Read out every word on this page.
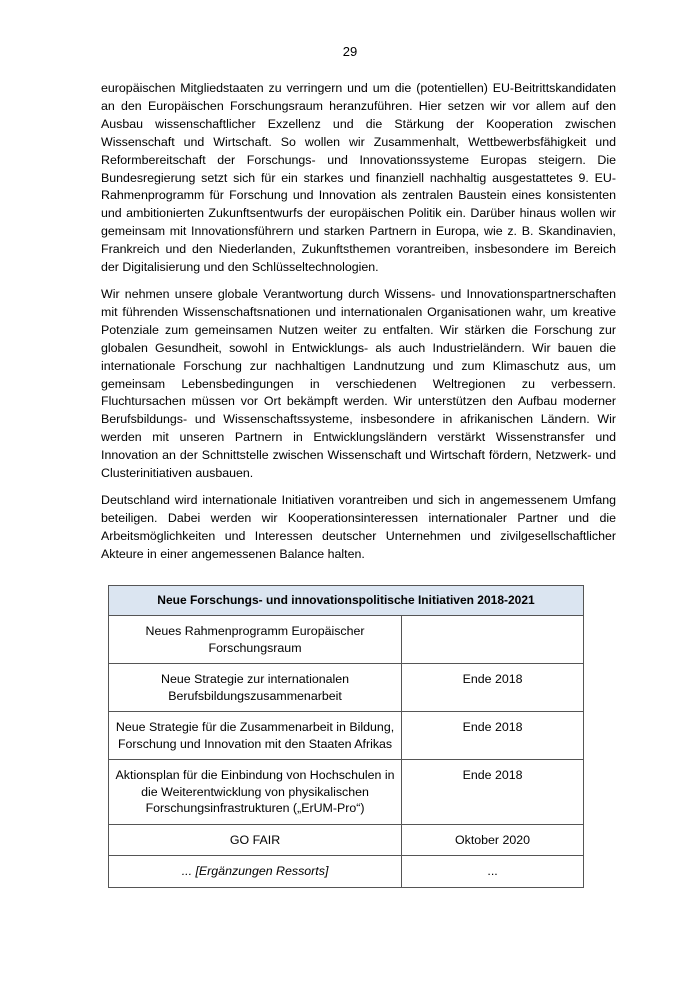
29

europäischen Mitgliedstaaten zu verringern und um die (potentiellen) EU-Beitrittskandidaten an den Europäischen Forschungsraum heranzuführen. Hier setzen wir vor allem auf den Ausbau wissenschaftlicher Exzellenz und die Stärkung der Kooperation zwischen Wissenschaft und Wirtschaft. So wollen wir Zusammenhalt, Wettbewerbsfähigkeit und Reformbereitschaft der Forschungs- und Innovationssysteme Europas steigern. Die Bundesregierung setzt sich für ein starkes und finanziell nachhaltig ausgestattetes 9. EU-Rahmenprogramm für Forschung und Innovation als zentralen Baustein eines konsistenten und ambitionierten Zukunftsentwurfs der europäischen Politik ein. Darüber hinaus wollen wir gemeinsam mit Innovationsführern und starken Partnern in Europa, wie z. B. Skandinavien, Frankreich und den Niederlanden, Zukunftsthemen vorantreiben, insbesondere im Bereich der Digitalisierung und den Schlüsseltechnologien.

Wir nehmen unsere globale Verantwortung durch Wissens- und Innovationspartnerschaften mit führenden Wissenschaftsnationen und internationalen Organisationen wahr, um kreative Potenziale zum gemeinsamen Nutzen weiter zu entfalten. Wir stärken die Forschung zur globalen Gesundheit, sowohl in Entwicklungs- als auch Industrieländern. Wir bauen die internationale Forschung zur nachhaltigen Landnutzung und zum Klimaschutz aus, um gemeinsam Lebensbedingungen in verschiedenen Weltregionen zu verbessern. Fluchtursachen müssen vor Ort bekämpft werden. Wir unterstützen den Aufbau moderner Berufsbildungs- und Wissenschaftssysteme, insbesondere in afrikanischen Ländern. Wir werden mit unseren Partnern in Entwicklungsländern verstärkt Wissenstransfer und Innovation an der Schnittstelle zwischen Wissenschaft und Wirtschaft fördern, Netzwerk- und Clusterinitiativen ausbauen.

Deutschland wird internationale Initiativen vorantreiben und sich in angemessenem Umfang beteiligen. Dabei werden wir Kooperationsinteressen internationaler Partner und die Arbeitsmöglichkeiten und Interessen deutscher Unternehmen und zivilgesellschaftlicher Akteure in einer angemessenen Balance halten.

Neue Forschungs- und innovationspolitische Initiativen 2018-2021	
Neues Rahmenprogramm Europäischer Forschungsraum	
Neue Strategie zur internationalen Berufsbildungszusammenarbeit	Ende 2018
Neue Strategie für die Zusammenarbeit in Bildung, Forschung und Innovation mit den Staaten Afrikas	Ende 2018
Aktionsplan für die Einbindung von Hochschulen in die Weiterentwicklung von physikalischen Forschungsinfrastrukturen („ErUM-Pro“)	Ende 2018
GO FAIR	Oktober 2020
... [Ergänzungen Ressorts]	...
